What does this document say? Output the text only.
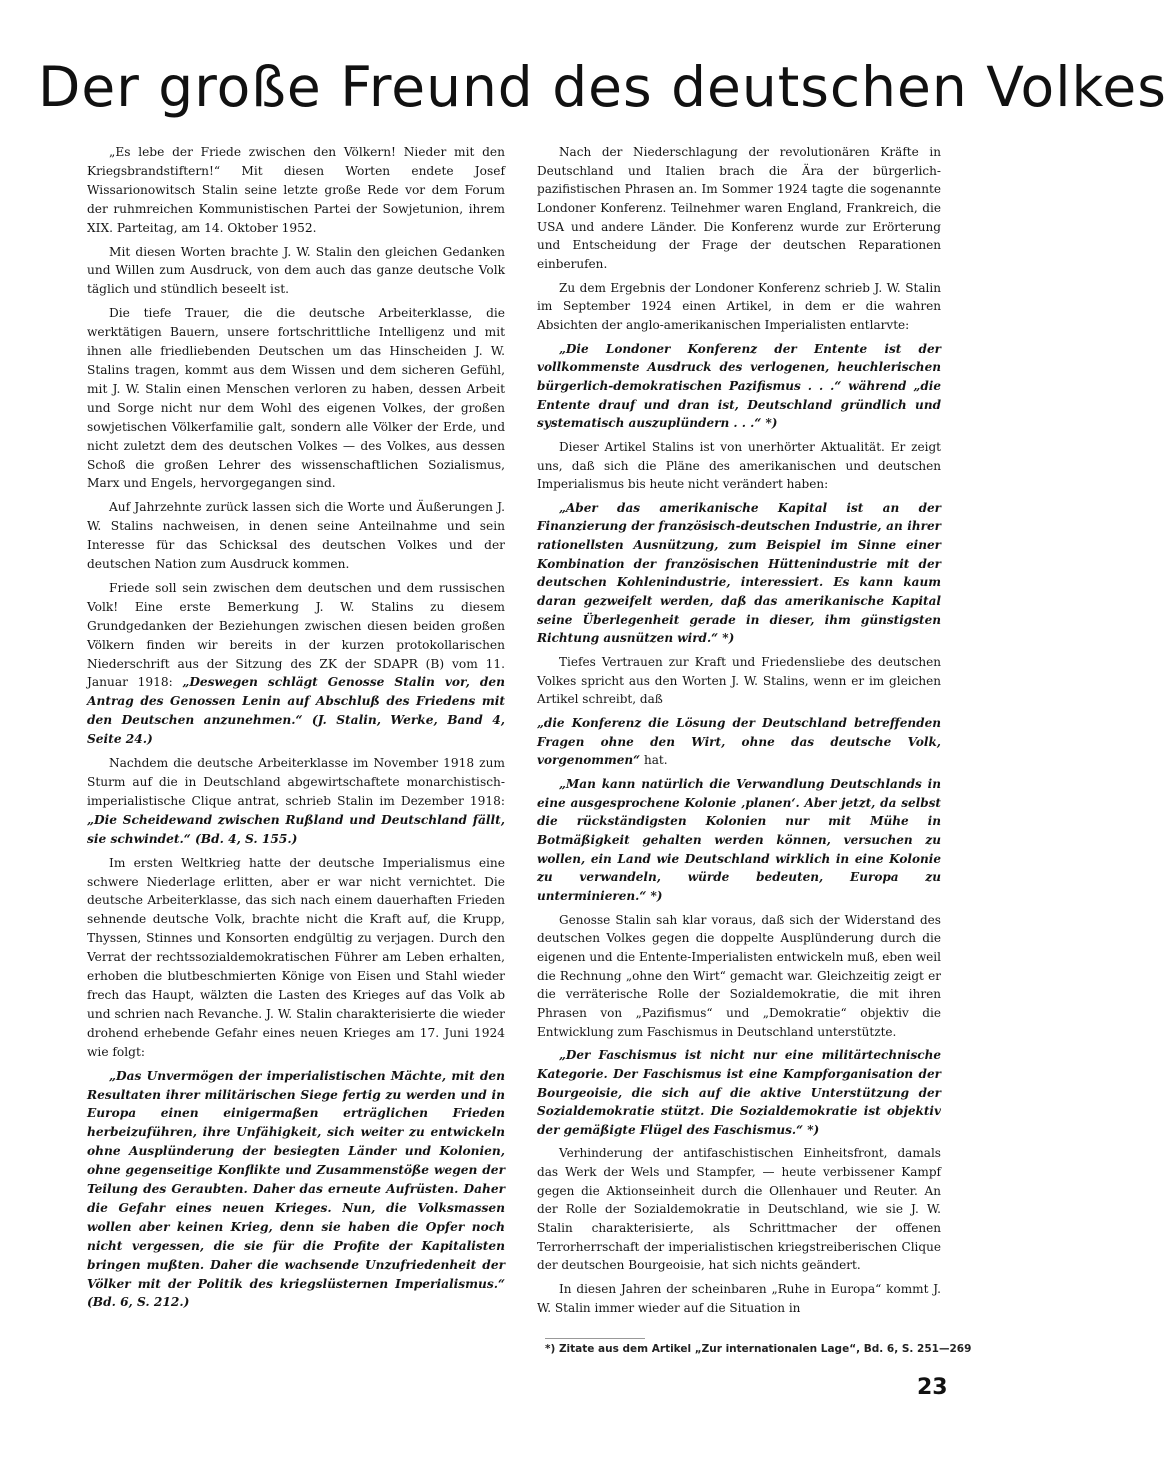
Der große Freund des deutschen Volkes

„Es lebe der Friede zwischen den Völkern! Nieder mit den Kriegsbrandstiftern!“ Mit diesen Worten endete Josef Wissarionowitsch Stalin seine letzte große Rede vor dem Forum der ruhmreichen Kommunistischen Partei der Sowjetunion, ihrem XIX. Parteitag, am 14. Oktober 1952.

Mit diesen Worten brachte J. W. Stalin den gleichen Gedanken und Willen zum Ausdruck, von dem auch das ganze deutsche Volk täglich und stündlich beseelt ist.

Die tiefe Trauer, die die deutsche Arbeiterklasse, die werktätigen Bauern, unsere fortschrittliche Intelligenz und mit ihnen alle friedliebenden Deutschen um das Hinscheiden J. W. Stalins tragen, kommt aus dem Wissen und dem sicheren Gefühl, mit J. W. Stalin einen Menschen verloren zu haben, dessen Arbeit und Sorge nicht nur dem Wohl des eigenen Volkes, der großen sowjetischen Völkerfamilie galt, sondern alle Völker der Erde, und nicht zuletzt dem des deutschen Volkes — des Volkes, aus dessen Schoß die großen Lehrer des wissenschaftlichen Sozialismus, Marx und Engels, hervorgegangen sind.

Auf Jahrzehnte zurück lassen sich die Worte und Äußerungen J. W. Stalins nachweisen, in denen seine Anteilnahme und sein Interesse für das Schicksal des deutschen Volkes und der deutschen Nation zum Ausdruck kommen.

Friede soll sein zwischen dem deutschen und dem russischen Volk! Eine erste Bemerkung J. W. Stalins zu diesem Grundgedanken der Beziehungen zwischen diesen beiden großen Völkern finden wir bereits in der kurzen protokollarischen Niederschrift aus der Sitzung des ZK der SDAPR (B) vom 11. Januar 1918: „Deswegen schlägt Genosse Stalin vor, den Antrag des Genossen Lenin auf Abschluß des Friedens mit den Deutschen anzunehmen.“ (J. Stalin, Werke, Band 4, Seite 24.)

Nachdem die deutsche Arbeiterklasse im November 1918 zum Sturm auf die in Deutschland abgewirtschaftete monarchistisch-imperialistische Clique antrat, schrieb Stalin im Dezember 1918: „Die Scheidewand zwischen Rußland und Deutschland fällt, sie schwindet.“ (Bd. 4, S. 155.)

Im ersten Weltkrieg hatte der deutsche Imperialismus eine schwere Niederlage erlitten, aber er war nicht vernichtet. Die deutsche Arbeiterklasse, das sich nach einem dauerhaften Frieden sehnende deutsche Volk, brachte nicht die Kraft auf, die Krupp, Thyssen, Stinnes und Konsorten endgültig zu verjagen. Durch den Verrat der rechtssozialdemokratischen Führer am Leben erhalten, erhoben die blutbeschmierten Könige von Eisen und Stahl wieder frech das Haupt, wälzten die Lasten des Krieges auf das Volk ab und schrien nach Revanche. J. W. Stalin charakterisierte die wieder drohend erhebende Gefahr eines neuen Krieges am 17. Juni 1924 wie folgt:

„Das Unvermögen der imperialistischen Mächte, mit den Resultaten ihrer militärischen Siege fertig zu werden und in Europa einen einigermaßen erträglichen Frieden herbeizuführen, ihre Unfähigkeit, sich weiter zu entwickeln ohne Ausplünderung der besiegten Länder und Kolonien, ohne gegenseitige Konflikte und Zusammenstöße wegen der Teilung des Geraubten. Daher das erneute Aufrüsten. Daher die Gefahr eines neuen Krieges. Nun, die Volksmassen wollen aber keinen Krieg, denn sie haben die Opfer noch nicht vergessen, die sie für die Profite der Kapitalisten bringen mußten. Daher die wachsende Unzufriedenheit der Völker mit der Politik des kriegslüsternen Imperialismus.“ (Bd. 6, S. 212.)

Nach der Niederschlagung der revolutionären Kräfte in Deutschland und Italien brach die Ära der bürgerlich-pazifistischen Phrasen an. Im Sommer 1924 tagte die sogenannte Londoner Konferenz. Teilnehmer waren England, Frankreich, die USA und andere Länder. Die Konferenz wurde zur Erörterung und Entscheidung der Frage der deutschen Reparationen einberufen.

Zu dem Ergebnis der Londoner Konferenz schrieb J. W. Stalin im September 1924 einen Artikel, in dem er die wahren Absichten der anglo-amerikanischen Imperialisten entlarvte:

„Die Londoner Konferenz der Entente ist der vollkommenste Ausdruck des verlogenen, heuchlerischen bürgerlich-demokratischen Pazifismus . . .“ während „die Entente drauf und dran ist, Deutschland gründlich und systematisch auszuplündern . . .“ *)

Dieser Artikel Stalins ist von unerhörter Aktualität. Er zeigt uns, daß sich die Pläne des amerikanischen und deutschen Imperialismus bis heute nicht verändert haben:

„Aber das amerikanische Kapital ist an der Finanzierung der französisch-deutschen Industrie, an ihrer rationellsten Ausnützung, zum Beispiel im Sinne einer Kombination der französischen Hüttenindustrie mit der deutschen Kohlenindustrie, interessiert. Es kann kaum daran gezweifelt werden, daß das amerikanische Kapital seine Überlegenheit gerade in dieser, ihm günstigsten Richtung ausnützen wird.“ *)

Tiefes Vertrauen zur Kraft und Friedensliebe des deutschen Volkes spricht aus den Worten J. W. Stalins, wenn er im gleichen Artikel schreibt, daß

„die Konferenz die Lösung der Deutschland betreffenden Fragen ohne den Wirt, ohne das deutsche Volk, vorgenommen“ hat.

„Man kann natürlich die Verwandlung Deutschlands in eine ausgesprochene Kolonie ‚planen‘. Aber jetzt, da selbst die rückständigsten Kolonien nur mit Mühe in Botmäßigkeit gehalten werden können, versuchen zu wollen, ein Land wie Deutschland wirklich in eine Kolonie zu verwandeln, würde bedeuten, Europa zu unterminieren.“ *)

Genosse Stalin sah klar voraus, daß sich der Widerstand des deutschen Volkes gegen die doppelte Ausplünderung durch die eigenen und die Entente-Imperialisten entwickeln muß, eben weil die Rechnung „ohne den Wirt“ gemacht war. Gleichzeitig zeigt er die verräterische Rolle der Sozialdemokratie, die mit ihren Phrasen von „Pazifismus“ und „Demokratie“ objektiv die Entwicklung zum Faschismus in Deutschland unterstützte.

„Der Faschismus ist nicht nur eine militärtechnische Kategorie. Der Faschismus ist eine Kampforganisation der Bourgeoisie, die sich auf die aktive Unterstützung der Sozialdemokratie stützt. Die Sozialdemokratie ist objektiv der gemäßigte Flügel des Faschismus.“ *)

Verhinderung der antifaschistischen Einheitsfront, damals das Werk der Wels und Stampfer, — heute verbissener Kampf gegen die Aktionseinheit durch die Ollenhauer und Reuter. An der Rolle der Sozialdemokratie in Deutschland, wie sie J. W. Stalin charakterisierte, als Schrittmacher der offenen Terrorherrschaft der imperialistischen kriegstreiberischen Clique der deutschen Bourgeoisie, hat sich nichts geändert.

In diesen Jahren der scheinbaren „Ruhe in Europa“ kommt J. W. Stalin immer wieder auf die Situation in

*) Zitate aus dem Artikel „Zur internationalen Lage“, Bd. 6, S. 251—269

23
